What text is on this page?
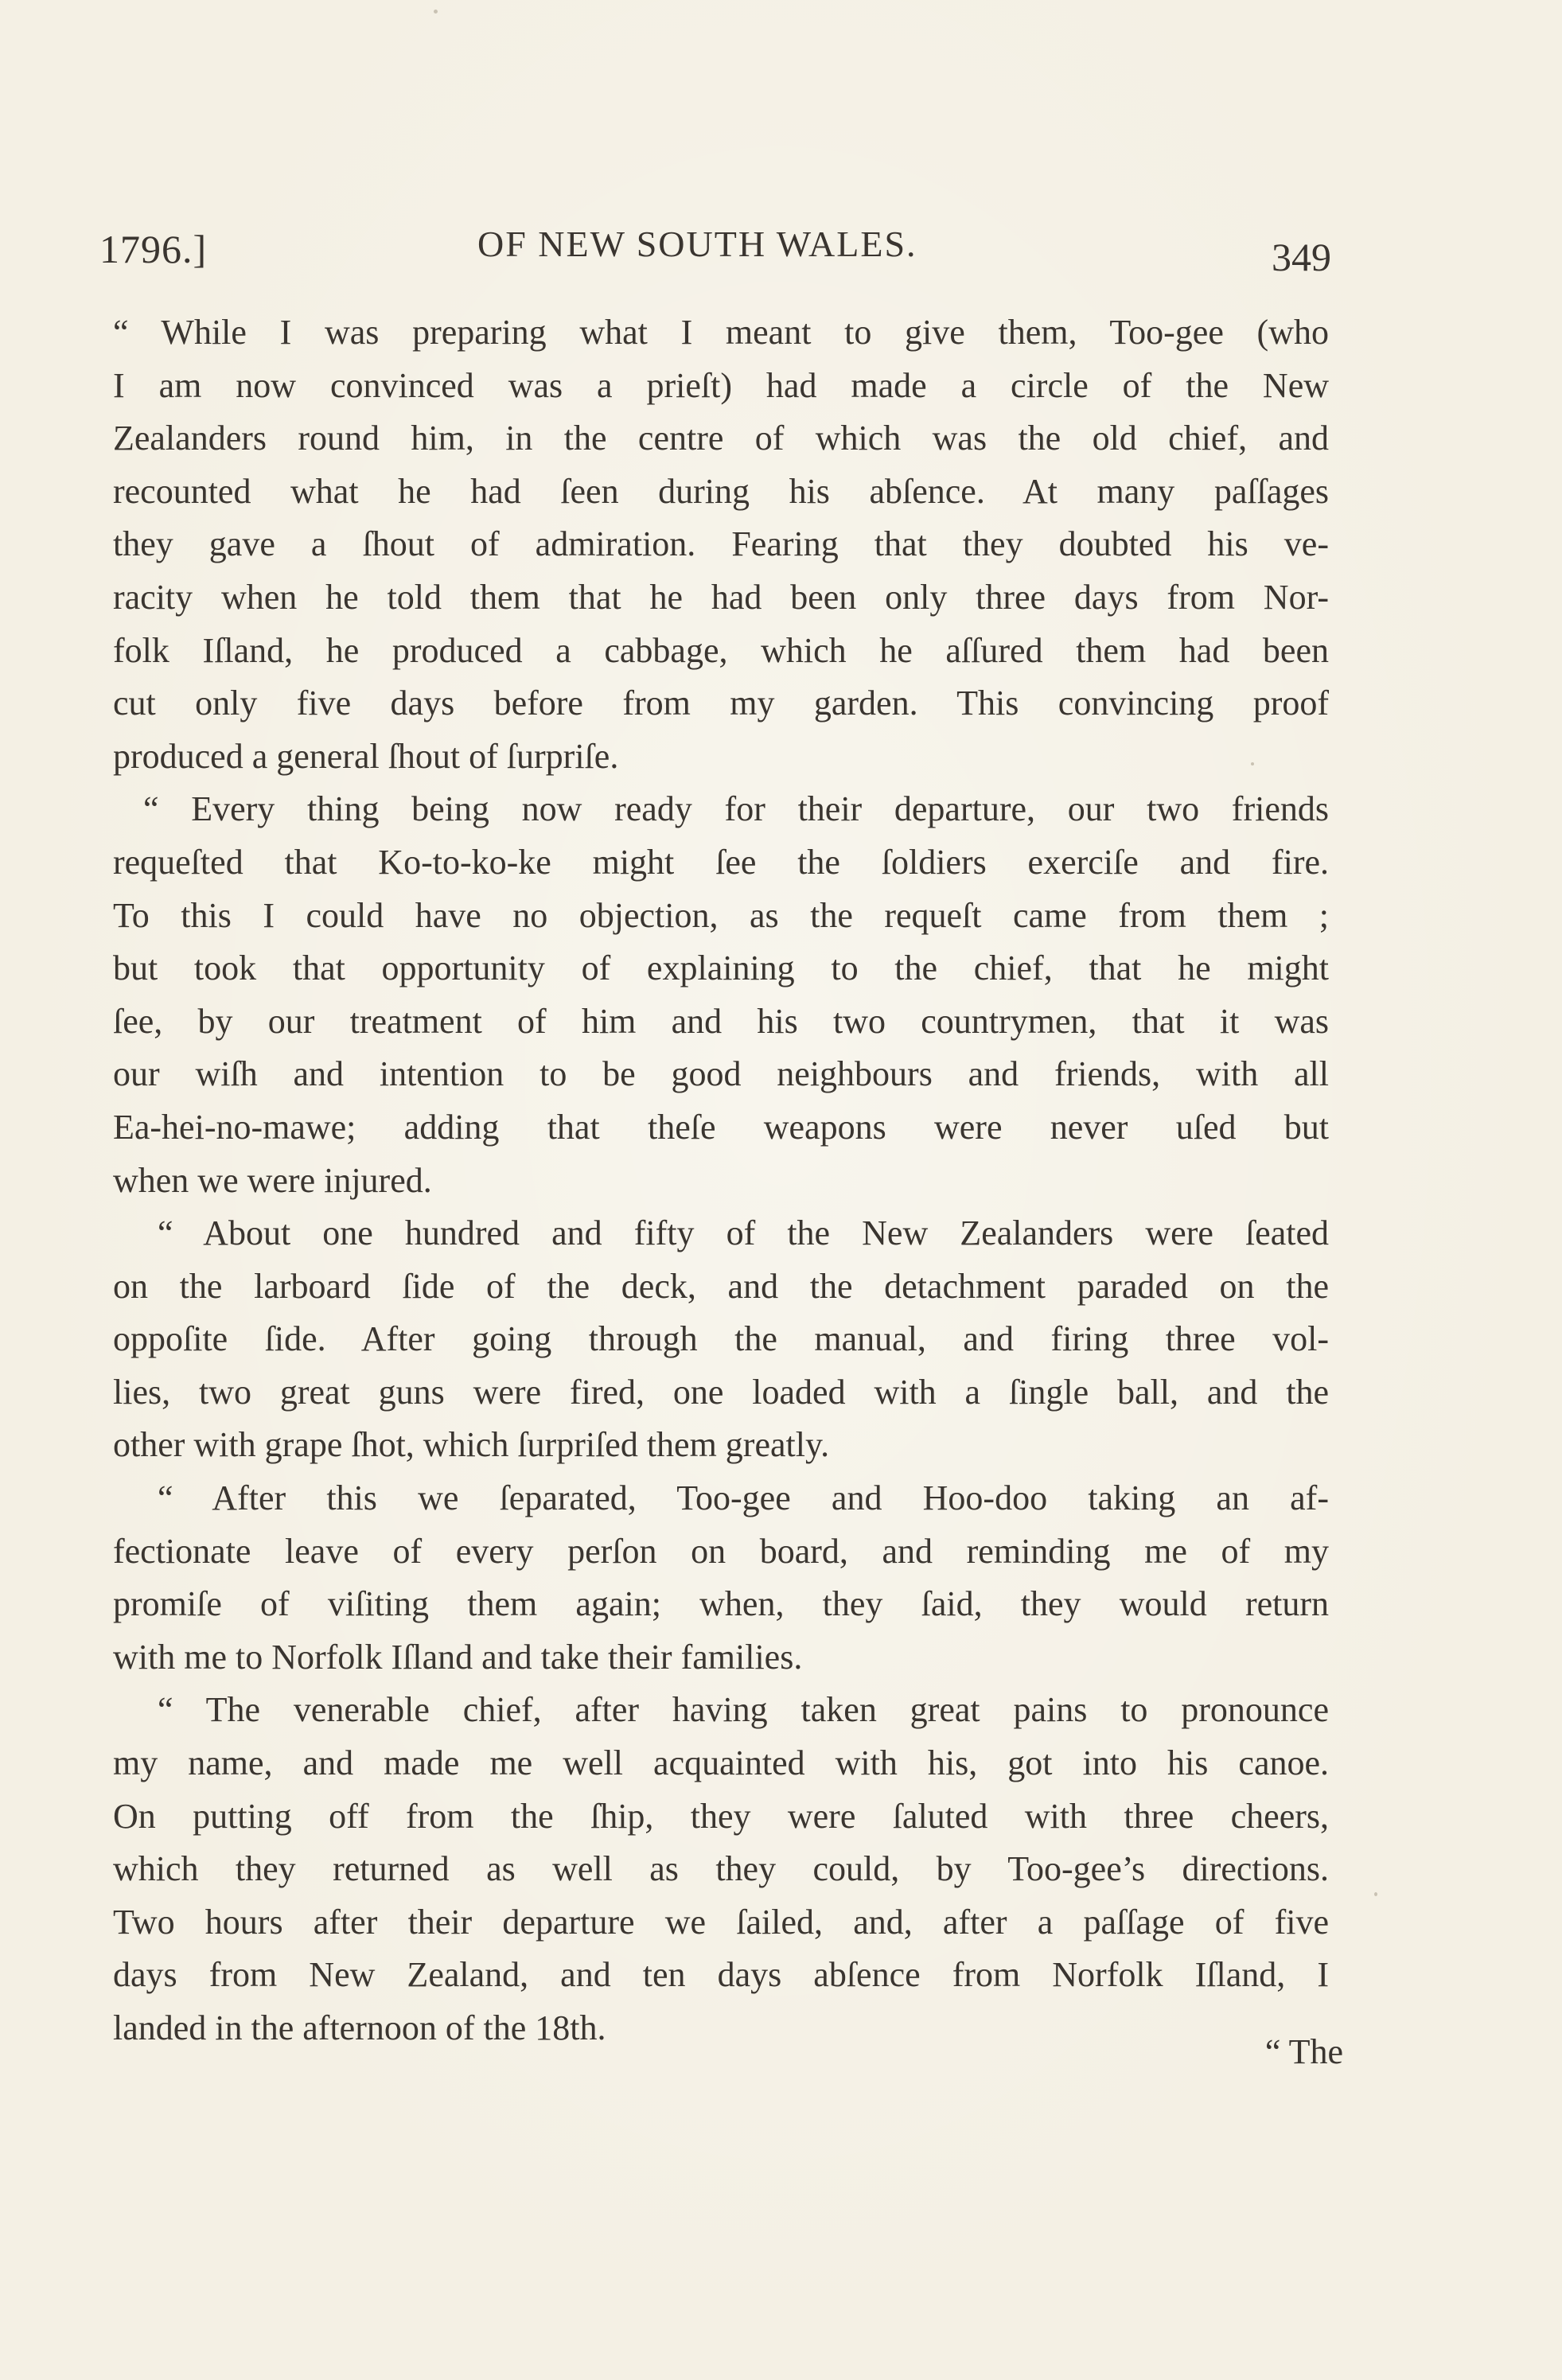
1796.]	OF NEW SOUTH WALES.	349
“ While I was preparing what I meant to give them, Too-gee (who
I am now convinced was a prieſt) had made a circle of the New
Zealanders round him, in the centre of which was the old chief, and
recounted what he had ſeen during his abſence. At many paſſages
they gave a ſhout of admiration. Fearing that they doubted his ve-
racity when he told them that he had been only three days from Nor-
folk Iſland, he produced a cabbage, which he aſſured them had been
cut only five days before from my garden. This convincing proof
produced a general ſhout of ſurpriſe.
“ Every thing being now ready for their departure, our two friends
requeſted that Ko-to-ko-ke might ſee the ſoldiers exerciſe and fire.
To this I could have no objection, as the requeſt came from them ;
but took that opportunity of explaining to the chief, that he might
ſee, by our treatment of him and his two countrymen, that it was
our wiſh and intention to be good neighbours and friends, with all
Ea-hei-no-mawe; adding that theſe weapons were never uſed but
when we were injured.
“ About one hundred and fifty of the New Zealanders were ſeated
on the larboard ſide of the deck, and the detachment paraded on the
oppoſite ſide. After going through the manual, and firing three vol-
lies, two great guns were fired, one loaded with a ſingle ball, and the
other with grape ſhot, which ſurpriſed them greatly.
“ After this we ſeparated, Too-gee and Hoo-doo taking an af-
fectionate leave of every perſon on board, and reminding me of my
promiſe of viſiting them again; when, they ſaid, they would return
with me to Norfolk Iſland and take their families.
“ The venerable chief, after having taken great pains to pronounce
my name, and made me well acquainted with his, got into his canoe.
On putting off from the ſhip, they were ſaluted with three cheers,
which they returned as well as they could, by Too-gee’s directions.
Two hours after their departure we ſailed, and, after a paſſage of five
days from New Zealand, and ten days abſence from Norfolk Iſland, I
landed in the afternoon of the 18th.
“ The
